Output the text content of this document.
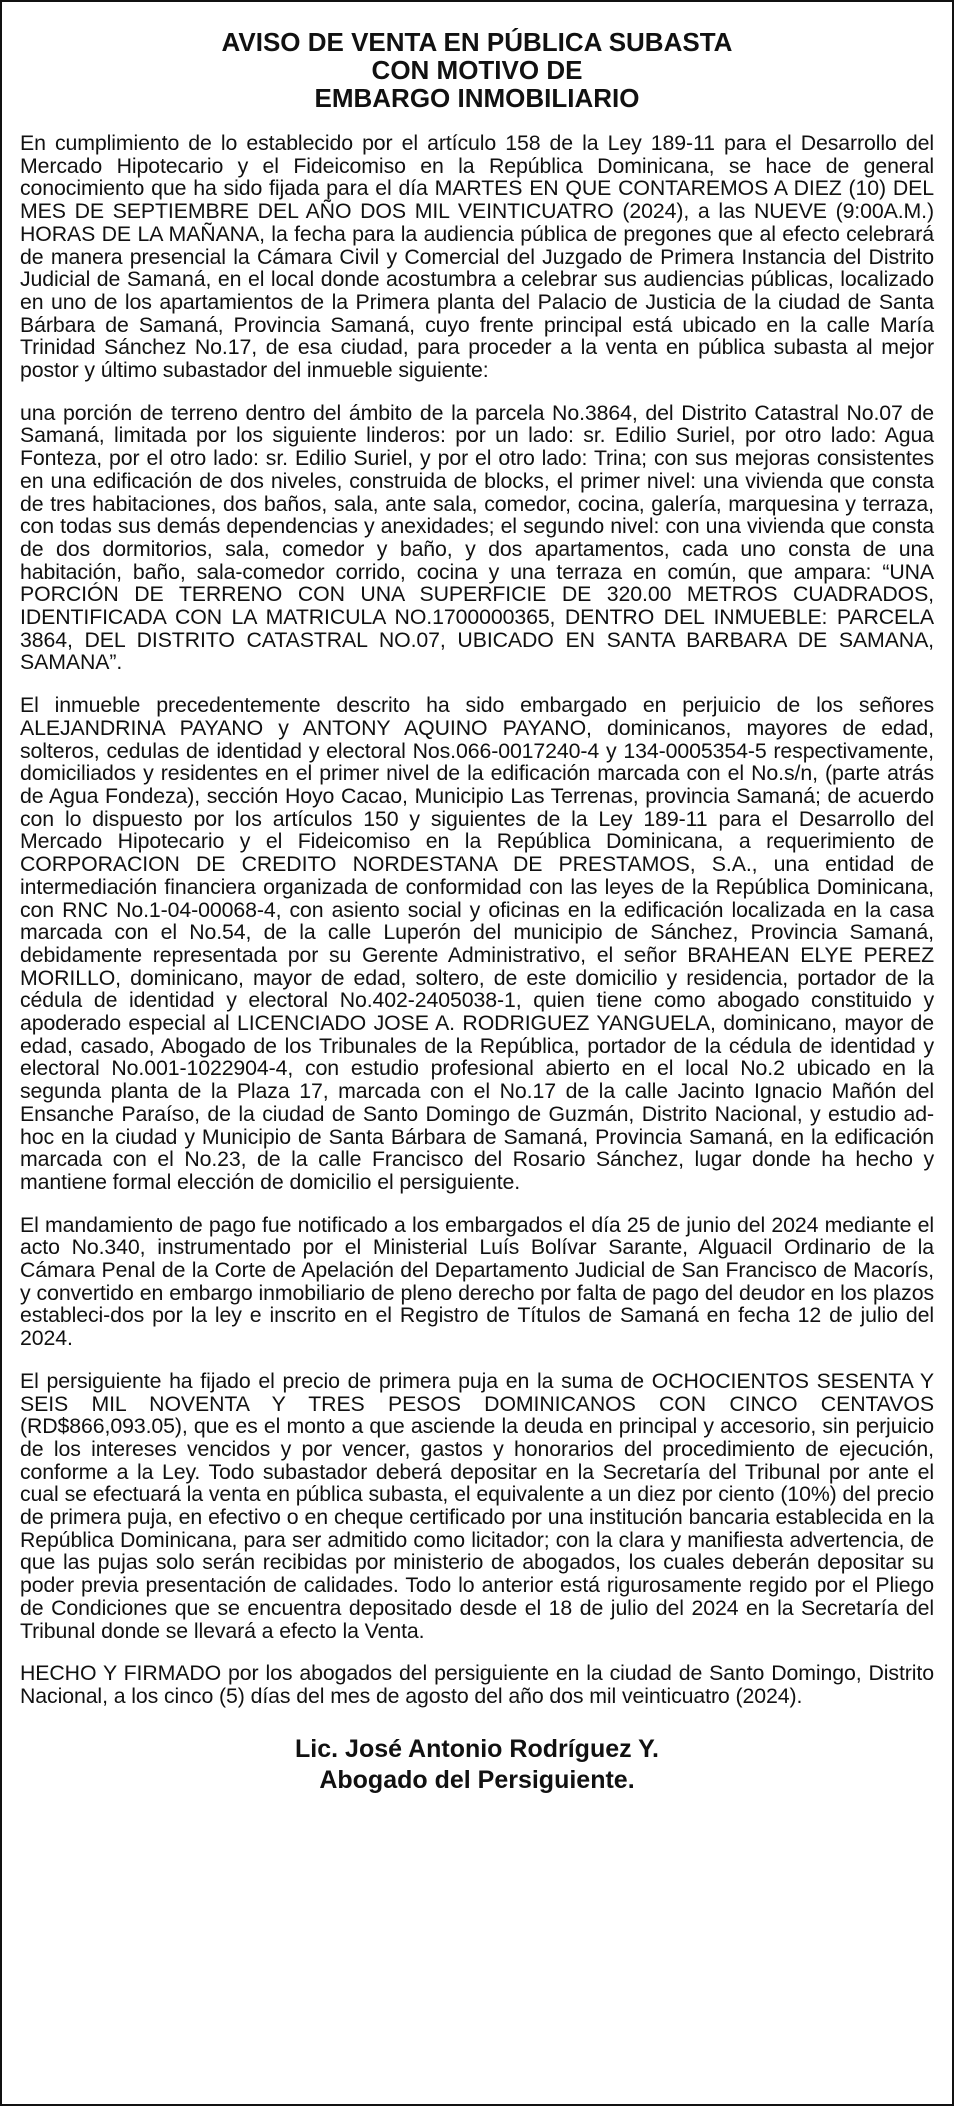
AVISO DE VENTA EN PÚBLICA SUBASTA
CON MOTIVO DE
EMBARGO INMOBILIARIO

En cumplimiento de lo establecido por el artículo 158 de la Ley 189-11 para el Desarrollo del Mercado Hipotecario y el Fideicomiso en la República Dominicana, se hace de general conocimiento que ha sido fijada para el día MARTES EN QUE CONTAREMOS A DIEZ (10) DEL MES DE SEPTIEMBRE DEL AÑO DOS MIL VEINTICUATRO (2024), a las NUEVE (9:00A.M.) HORAS DE LA MAÑANA, la fecha para la audiencia pública de pregones que al efecto celebrará de manera presencial la Cámara Civil y Comercial del Juzgado de Primera Instancia del Distrito Judicial de Samaná, en el local donde acostumbra a celebrar sus audiencias públicas, localizado en uno de los apartamientos de la Primera planta del Palacio de Justicia de la ciudad de Santa Bárbara de Samaná, Provincia Samaná, cuyo frente principal está ubicado en la calle María Trinidad Sánchez No.17, de esa ciudad, para proceder a la venta en pública subasta al mejor postor y último subastador del inmueble siguiente:

una porción de terreno dentro del ámbito de la parcela No.3864, del Distrito Catastral No.07 de Samaná, limitada por los siguiente linderos: por un lado: sr. Edilio Suriel, por otro lado: Agua Fonteza, por el otro lado: sr. Edilio Suriel, y por el otro lado: Trina; con sus mejoras consistentes en una edificación de dos niveles, construida de blocks, el primer nivel: una vivienda que consta de tres habitaciones, dos baños, sala, ante sala, comedor, cocina, galería, marquesina y terraza, con todas sus demás dependencias y anexidades; el segundo nivel: con una vivienda que consta de dos dormitorios, sala, comedor y baño, y dos apartamentos, cada uno consta de una habitación, baño, sala-comedor corrido, cocina y una terraza en común, que ampara: “UNA PORCIÓN DE TERRENO CON UNA SUPERFICIE DE 320.00 METROS CUADRADOS, IDENTIFICADA CON LA MATRICULA NO.1700000365, DENTRO DEL INMUEBLE: PARCELA 3864, DEL DISTRITO CATASTRAL NO.07, UBICADO EN SANTA BARBARA DE SAMANA, SAMANA”.

El inmueble precedentemente descrito ha sido embargado en perjuicio de los señores ALEJANDRINA PAYANO y ANTONY AQUINO PAYANO, dominicanos, mayores de edad, solteros, cedulas de identidad y electoral Nos.066-0017240-4 y 134-0005354-5 respectivamente, domiciliados y residentes en el primer nivel de la edificación marcada con el No.s/n, (parte atrás de Agua Fondeza), sección Hoyo Cacao, Municipio Las Terrenas, provincia Samaná; de acuerdo con lo dispuesto por los artículos 150 y siguientes de la Ley 189-11 para el Desarrollo del Mercado Hipotecario y el Fideicomiso en la República Dominicana, a requerimiento de CORPORACION DE CREDITO NORDESTANA DE PRESTAMOS, S.A., una entidad de intermediación financiera organizada de conformidad con las leyes de la República Dominicana, con RNC No.1-04-00068-4, con asiento social y oficinas en la edificación localizada en la casa marcada con el No.54, de la calle Luperón del municipio de Sánchez, Provincia Samaná, debidamente representada por su Gerente Administrativo, el señor BRAHEAN ELYE PEREZ MORILLO, dominicano, mayor de edad, soltero, de este domicilio y residencia, portador de la cédula de identidad y electoral No.402-2405038-1, quien tiene como abogado constituido y apoderado especial al LICENCIADO JOSE A. RODRIGUEZ YANGUELA, dominicano, mayor de edad, casado, Abogado de los Tribunales de la República, portador de la cédula de identidad y electoral No.001-1022904-4, con estudio profesional abierto en el local No.2 ubicado en la segunda planta de la Plaza 17, marcada con el No.17 de la calle Jacinto Ignacio Mañón del Ensanche Paraíso, de la ciudad de Santo Domingo de Guzmán, Distrito Nacional, y estudio ad-hoc en la ciudad y Municipio de Santa Bárbara de Samaná, Provincia Samaná, en la edificación marcada con el No.23, de la calle Francisco del Rosario Sánchez, lugar donde ha hecho y mantiene formal elección de domicilio el persiguiente.

El mandamiento de pago fue notificado a los embargados el día 25 de junio del 2024 mediante el acto No.340, instrumentado por el Ministerial Luís Bolívar Sarante, Alguacil Ordinario de la Cámara Penal de la Corte de Apelación del Departamento Judicial de San Francisco de Macorís, y convertido en embargo inmobiliario de pleno derecho por falta de pago del deudor en los plazos estableci-dos por la ley e inscrito en el Registro de Títulos de Samaná en fecha 12 de julio del 2024.

El persiguiente ha fijado el precio de primera puja en la suma de OCHOCIENTOS SESENTA Y SEIS MIL NOVENTA Y TRES PESOS DOMINICANOS CON CINCO CENTAVOS (RD$866,093.05), que es el monto a que asciende la deuda en principal y accesorio, sin perjuicio de los intereses vencidos y por vencer, gastos y honorarios del procedimiento de ejecución, conforme a la Ley. Todo subastador deberá depositar en la Secretaría del Tribunal por ante el cual se efectuará la venta en pública subasta, el equivalente a un diez por ciento (10%) del precio de primera puja, en efectivo o en cheque certificado por una institución bancaria establecida en la República Dominicana, para ser admitido como licitador; con la clara y manifiesta advertencia, de que las pujas solo serán recibidas por ministerio de abogados, los cuales deberán depositar su poder previa presentación de calidades. Todo lo anterior está rigurosamente regido por el Pliego de Condiciones que se encuentra depositado desde el 18 de julio del 2024 en la Secretaría del Tribunal donde se llevará a efecto la Venta.

HECHO Y FIRMADO por los abogados del persiguiente en la ciudad de Santo Domingo, Distrito Nacional, a los cinco (5) días del mes de agosto del año dos mil veinticuatro (2024).

Lic. José Antonio Rodríguez Y.
Abogado del Persiguiente.
